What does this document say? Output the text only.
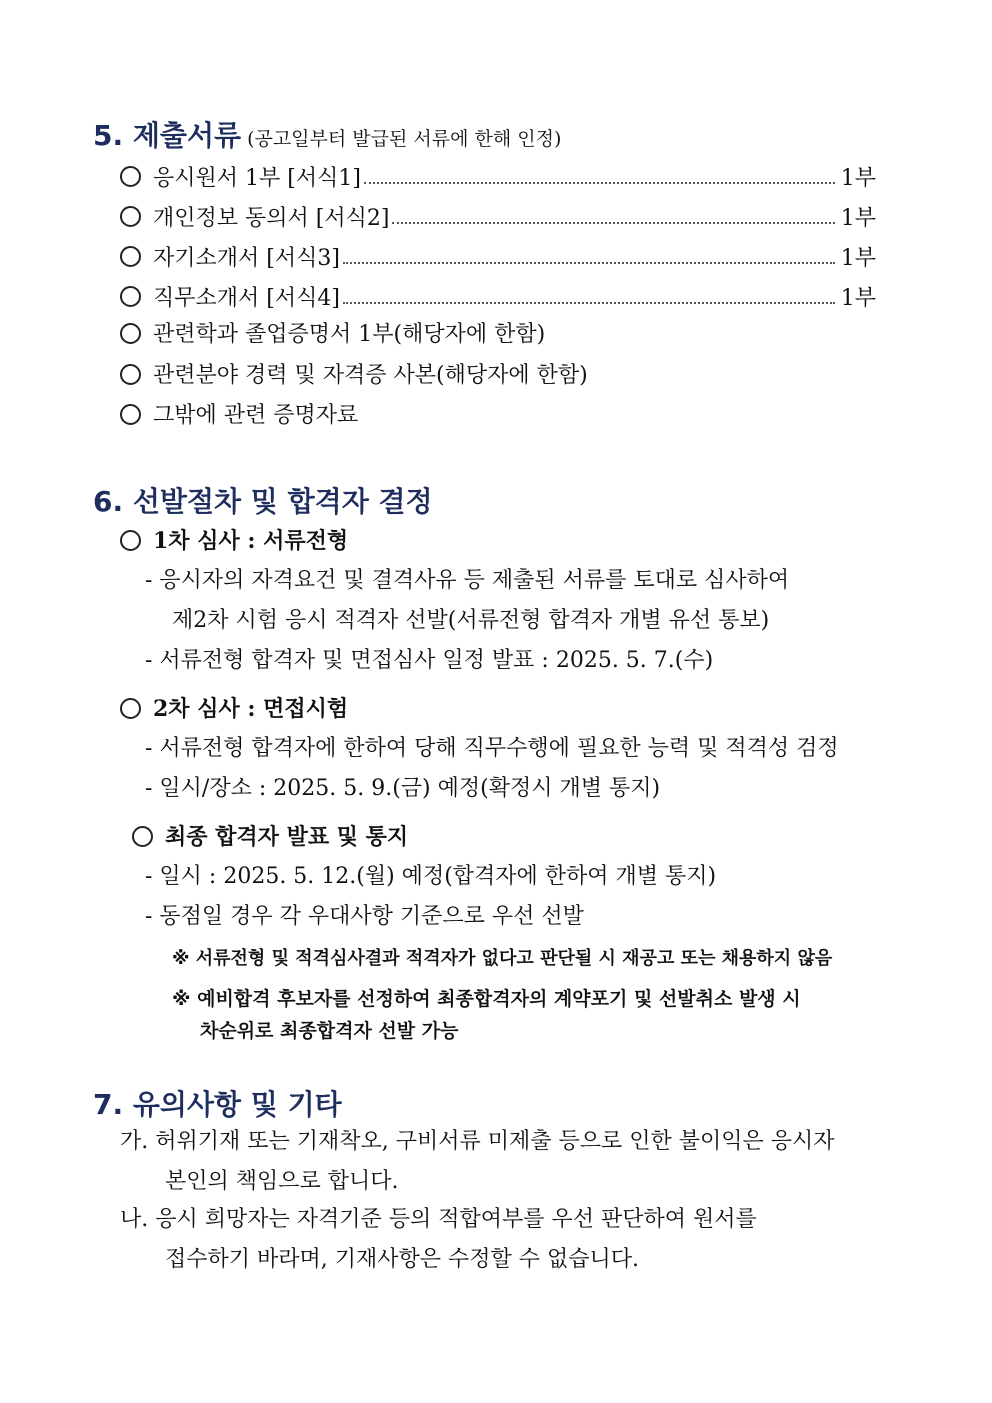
5. 제출서류 (공고일부터 발급된 서류에 한해 인정)
응시원서 1부 [서식1]	1부
개인정보 동의서 [서식2]	1부
자기소개서 [서식3]	1부
직무소개서 [서식4]	1부
관련학과 졸업증명서 1부(해당자에 한함)
관련분야 경력 및 자격증 사본(해당자에 한함)
그밖에 관련 증명자료
6. 선발절차 및 합격자 결정
1차 심사 : 서류전형
- 응시자의 자격요건 및 결격사유 등 제출된 서류를 토대로 심사하여
제2차 시험 응시 적격자 선발(서류전형 합격자 개별 유선 통보)
- 서류전형 합격자 및 면접심사 일정 발표 : 2025. 5. 7.(수)
2차 심사 : 면접시험
- 서류전형 합격자에 한하여 당해 직무수행에 필요한 능력 및 적격성 검정
- 일시/장소 : 2025. 5. 9.(금) 예정(확정시 개별 통지)
최종 합격자 발표 및 통지
- 일시 : 2025. 5. 12.(월) 예정(합격자에 한하여 개별 통지)
- 동점일 경우 각 우대사항 기준으로 우선 선발
※ 서류전형 및 적격심사결과 적격자가 없다고 판단될 시 재공고 또는 채용하지 않음
※ 예비합격 후보자를 선정하여 최종합격자의 계약포기 및 선발취소 발생 시
차순위로 최종합격자 선발 가능
7. 유의사항 및 기타
가. 허위기재 또는 기재착오, 구비서류 미제출 등으로 인한 불이익은 응시자
본인의 책임으로 합니다.
나. 응시 희망자는 자격기준 등의 적합여부를 우선 판단하여 원서를
접수하기 바라며, 기재사항은 수정할 수 없습니다.
